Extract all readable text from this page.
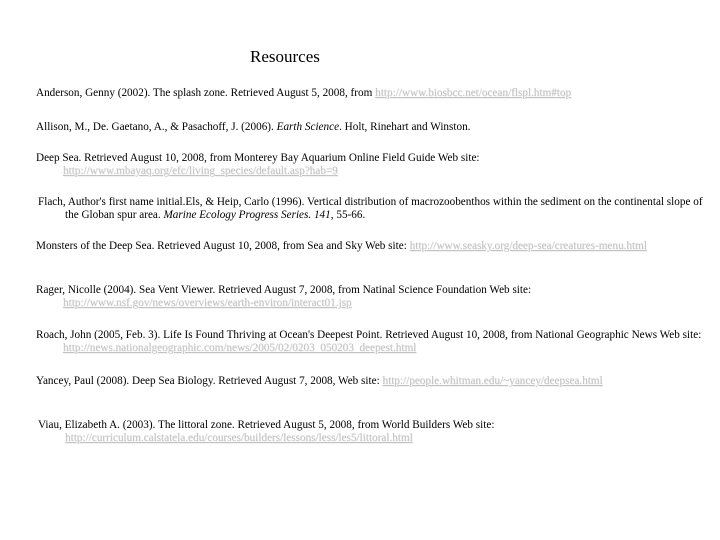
Resources
Anderson, Genny (2002). The splash zone. Retrieved August 5, 2008, from http://www.biosbcc.net/ocean/flspl.htm#top
Allison, M., De. Gaetano, A., & Pasachoff, J. (2006). Earth Science. Holt, Rinehart and Winston.
Deep Sea. Retrieved August 10, 2008, from Monterey Bay Aquarium Online Field Guide Web site: http://www.mbayaq.org/efc/living_species/default.asp?hab=9
Flach, Author's first name initial.Els, & Heip, Carlo (1996). Vertical distribution of macrozoobenthos within the sediment on the continental slope of the Globan spur area. Marine Ecology Progress Series. 141, 55-66.
Monsters of the Deep Sea. Retrieved August 10, 2008, from Sea and Sky Web site: http://www.seasky.org/deep-sea/creatures-menu.html
Rager, Nicolle (2004). Sea Vent Viewer. Retrieved August 7, 2008, from Natinal Science Foundation Web site: http://www.nsf.gov/news/overviews/earth-environ/interact01.jsp
Roach, John (2005, Feb. 3). Life Is Found Thriving at Ocean's Deepest Point. Retrieved August 10, 2008, from National Geographic News Web site: http://news.nationalgeographic.com/news/2005/02/0203_050203_deepest.html
Yancey, Paul (2008). Deep Sea Biology. Retrieved August 7, 2008, Web site: http://people.whitman.edu/~yancey/deepsea.html
Viau, Elizabeth A. (2003). The littoral zone. Retrieved August 5, 2008, from World Builders Web site: http://curriculum.calstatela.edu/courses/builders/lessons/less/les5/littoral.html
